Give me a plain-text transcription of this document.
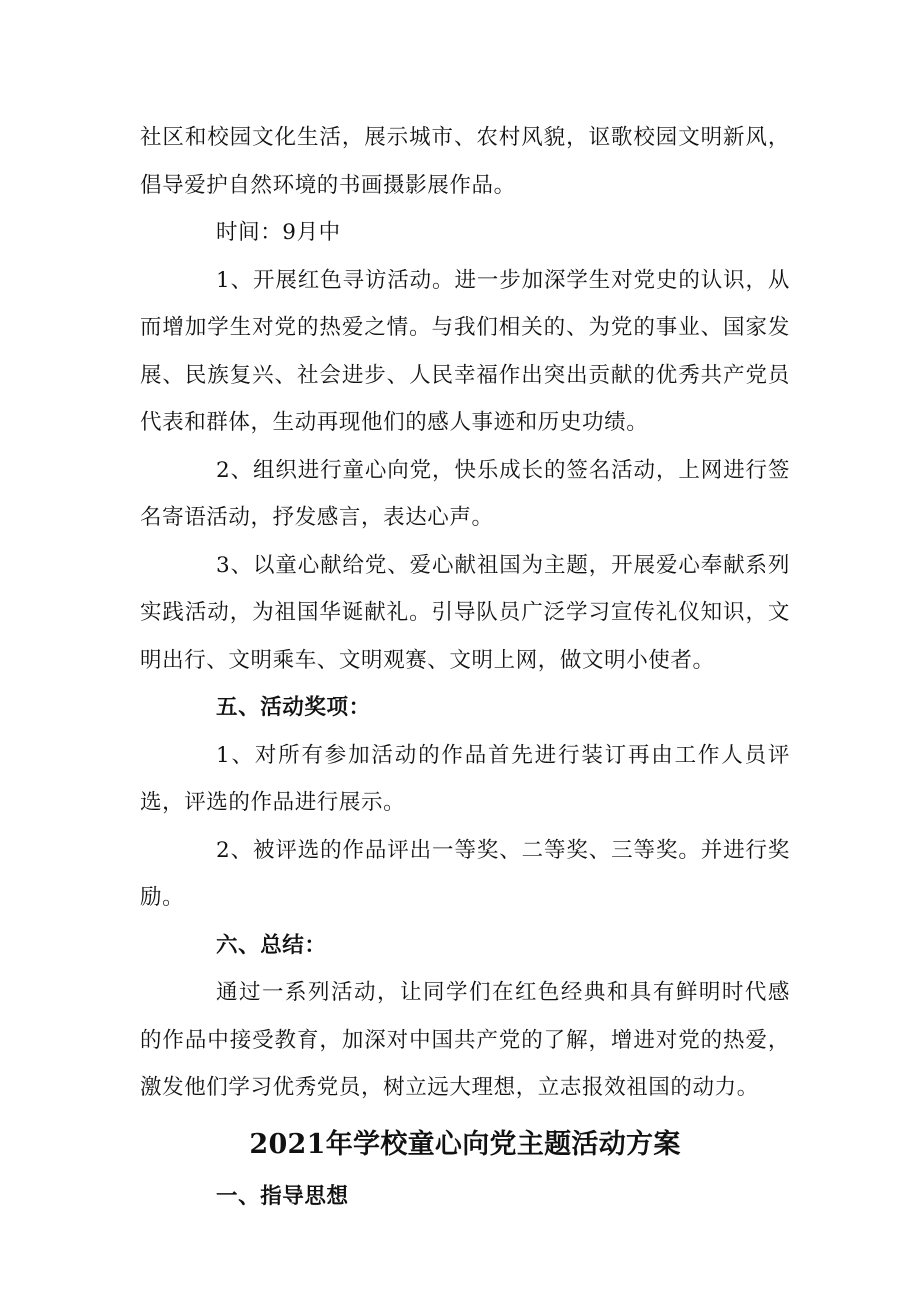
社区和校园文化生活，展示城市、农村风貌，讴歌校园文明新风，倡导爱护自然环境的书画摄影展作品。

时间：9月中

1、开展红色寻访活动。进一步加深学生对党史的认识，从而增加学生对党的热爱之情。与我们相关的、为党的事业、国家发展、民族复兴、社会进步、人民幸福作出突出贡献的优秀共产党员代表和群体，生动再现他们的感人事迹和历史功绩。

2、组织进行童心向党，快乐成长的签名活动，上网进行签名寄语活动，抒发感言，表达心声。

3、以童心献给党、爱心献祖国为主题，开展爱心奉献系列实践活动，为祖国华诞献礼。引导队员广泛学习宣传礼仪知识，文明出行、文明乘车、文明观赛、文明上网，做文明小使者。

五、活动奖项：

1、对所有参加活动的作品首先进行装订再由工作人员评选，评选的作品进行展示。

2、被评选的作品评出一等奖、二等奖、三等奖。并进行奖励。

六、总结：

通过一系列活动，让同学们在红色经典和具有鲜明时代感的作品中接受教育，加深对中国共产党的了解，增进对党的热爱，激发他们学习优秀党员，树立远大理想，立志报效祖国的动力。

2021年学校童心向党主题活动方案

一、指导思想
